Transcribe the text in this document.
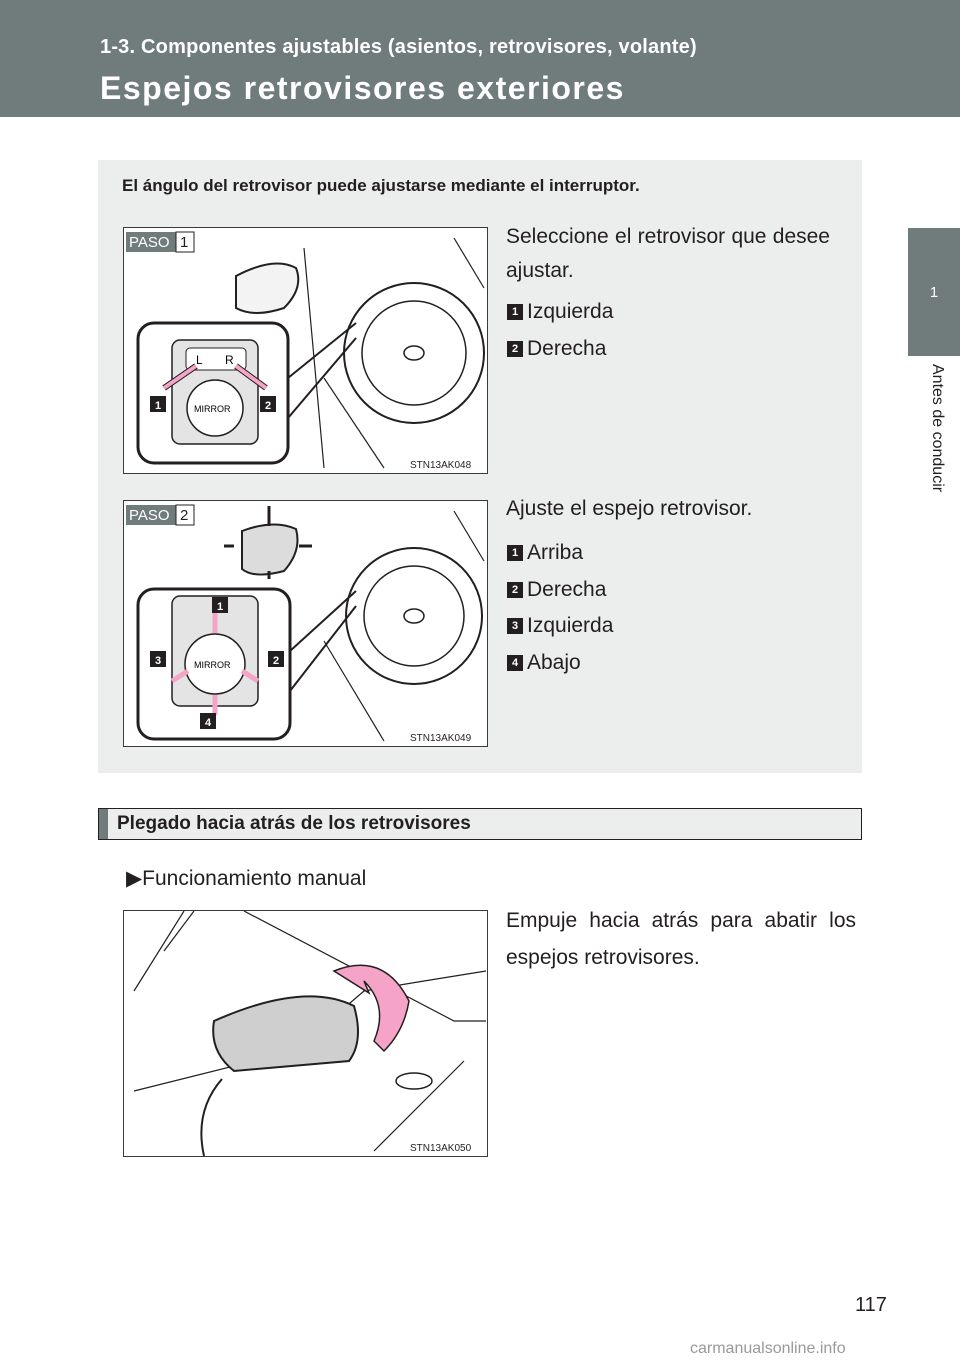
1-3. Componentes ajustables (asientos, retrovisores, volante)
Espejos retrovisores exteriores
1
Antes de conducir
El ángulo del retrovisor puede ajustarse mediante el interruptor.
PASO 1
L R
MIRROR
1	2
STN13AK048
Seleccione el retrovisor que desee ajustar.
1 Izquierda
2 Derecha
PASO 2
MIRROR
1
2
3
4
STN13AK049
Ajuste el espejo retrovisor.
1 Arriba
2 Derecha
3 Izquierda
4 Abajo
Plegado hacia atrás de los retrovisores
▶Funcionamiento manual
STN13AK050
Empuje hacia atrás para abatir los espejos retrovisores.
117
carmanualsonline.info
